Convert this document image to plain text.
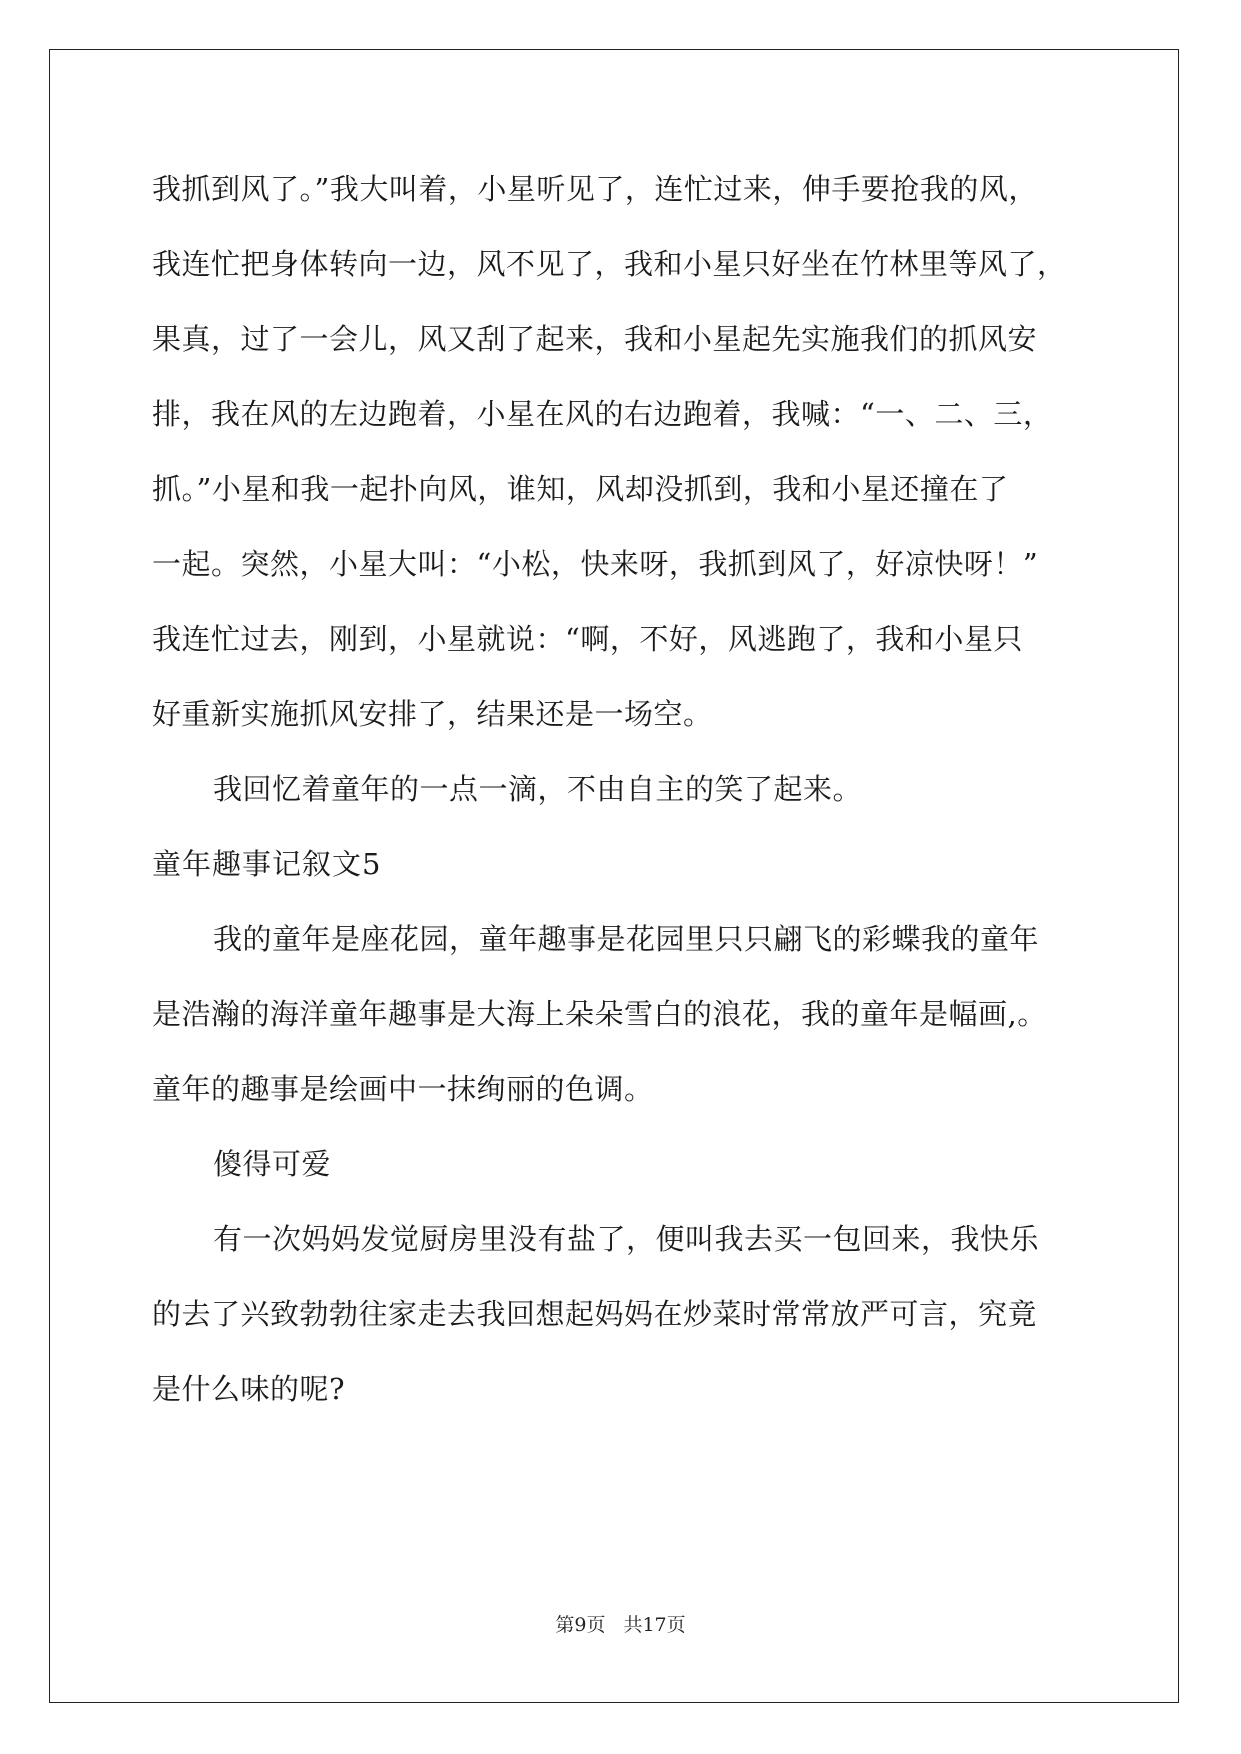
我抓到风了。”我大叫着，小星听见了，连忙过来，伸手要抢我的风，
我连忙把身体转向一边，风不见了，我和小星只好坐在竹林里等风了，
果真，过了一会儿，风又刮了起来，我和小星起先实施我们的抓风安
排，我在风的左边跑着，小星在风的右边跑着，我喊：“一、二、三，
抓。”小星和我一起扑向风，谁知，风却没抓到，我和小星还撞在了
一起。突然，小星大叫：“小松，快来呀，我抓到风了，好凉快呀！”
我连忙过去，刚到，小星就说：“啊，不好，风逃跑了，我和小星只
好重新实施抓风安排了，结果还是一场空。
我回忆着童年的一点一滴，不由自主的笑了起来。
童年趣事记叙文5
我的童年是座花园，童年趣事是花园里只只翩飞的彩蝶我的童年
是浩瀚的海洋童年趣事是大海上朵朵雪白的浪花，我的童年是幅画,。
童年的趣事是绘画中一抹绚丽的色调。
傻得可爱
有一次妈妈发觉厨房里没有盐了，便叫我去买一包回来，我快乐
的去了兴致勃勃往家走去我回想起妈妈在炒菜时常常放严可言，究竟
是什么味的呢?
第9页 共17页
